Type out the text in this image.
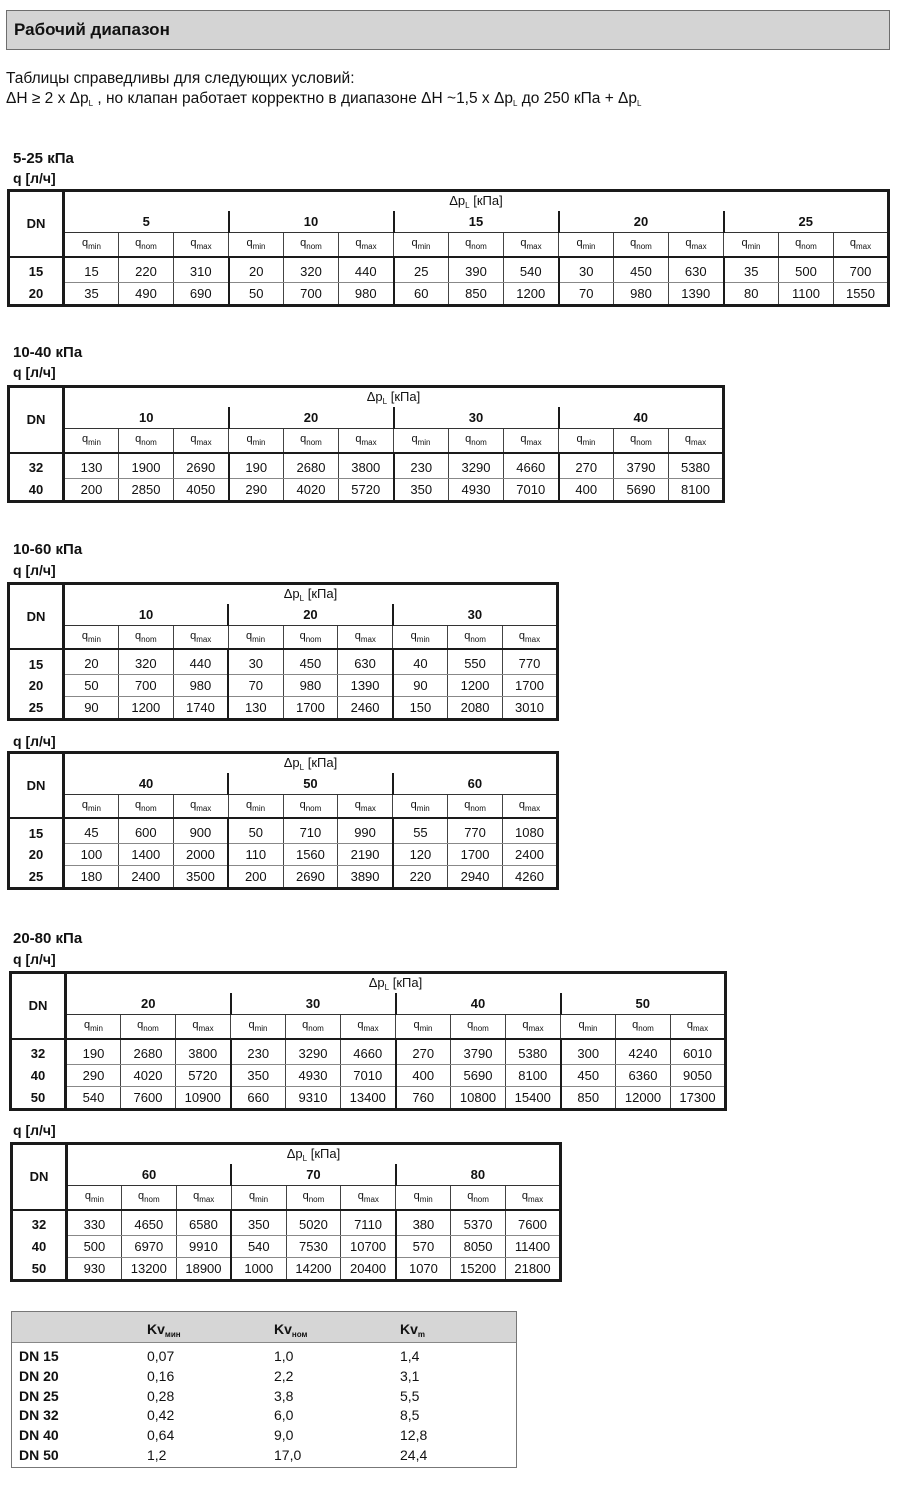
Рабочий диапазон
Таблицы справедливы для следующих условий:
ΔH ≥ 2 x $\Delta p_L$ , но клапан работает корректно в диапазоне ΔH ~1,5 x $\Delta p_L$ до 250 кПа + $\Delta p_L$
5-25 кПа
q [л/ч]
DN	$\Delta p_L$ [кПа]														
	5			10			15			20			25		
	$q_{min}$	$q_{nom}$	$q_{max}$	$q_{min}$	$q_{nom}$	$q_{max}$	$q_{min}$	$q_{nom}$	$q_{max}$	$q_{min}$	$q_{nom}$	$q_{max}$	$q_{min}$	$q_{nom}$	$q_{max}$
15	15	220	310	20	320	440	25	390	540	30	450	630	35	500	700
20	35	490	690	50	700	980	60	850	1200	70	980	1390	80	1100	1550
10-40 кПа
q [л/ч]
DN	$\Delta p_L$ [кПа]											
	10			20			30			40		
	$q_{min}$	$q_{nom}$	$q_{max}$	$q_{min}$	$q_{nom}$	$q_{max}$	$q_{min}$	$q_{nom}$	$q_{max}$	$q_{min}$	$q_{nom}$	$q_{max}$
32	130	1900	2690	190	2680	3800	230	3290	4660	270	3790	5380
40	200	2850	4050	290	4020	5720	350	4930	7010	400	5690	8100
10-60 кПа
q [л/ч]
DN	$\Delta p_L$ [кПа]								
	10			20			30		
	$q_{min}$	$q_{nom}$	$q_{max}$	$q_{min}$	$q_{nom}$	$q_{max}$	$q_{min}$	$q_{nom}$	$q_{max}$
15	20	320	440	30	450	630	40	550	770
20	50	700	980	70	980	1390	90	1200	1700
25	90	1200	1740	130	1700	2460	150	2080	3010
q [л/ч]
DN	$\Delta p_L$ [кПа]								
	40			50			60		
	$q_{min}$	$q_{nom}$	$q_{max}$	$q_{min}$	$q_{nom}$	$q_{max}$	$q_{min}$	$q_{nom}$	$q_{max}$
15	45	600	900	50	710	990	55	770	1080
20	100	1400	2000	110	1560	2190	120	1700	2400
25	180	2400	3500	200	2690	3890	220	2940	4260
20-80 кПа
q [л/ч]
DN	$\Delta p_L$ [кПа]											
	20			30			40			50		
	$q_{min}$	$q_{nom}$	$q_{max}$	$q_{min}$	$q_{nom}$	$q_{max}$	$q_{min}$	$q_{nom}$	$q_{max}$	$q_{min}$	$q_{nom}$	$q_{max}$
32	190	2680	3800	230	3290	4660	270	3790	5380	300	4240	6010
40	290	4020	5720	350	4930	7010	400	5690	8100	450	6360	9050
50	540	7600	10900	660	9310	13400	760	10800	15400	850	12000	17300
q [л/ч]
DN	$\Delta p_L$ [кПа]								
	60			70			80		
	$q_{min}$	$q_{nom}$	$q_{max}$	$q_{min}$	$q_{nom}$	$q_{max}$	$q_{min}$	$q_{nom}$	$q_{max}$
32	330	4650	6580	350	5020	7110	380	5370	7600
40	500	6970	9910	540	7530	10700	570	8050	11400
50	930	13200	18900	1000	14200	20400	1070	15200	21800
$Kv_{мин}$	$Kv_{ном}$	$Kv_m$
DN 15	0,07	1,0	1,4
DN 20	0,16	2,2	3,1
DN 25	0,28	3,8	5,5
DN 32	0,42	6,0	8,5
DN 40	0,64	9,0	12,8
DN 50	1,2	17,0	24,4
